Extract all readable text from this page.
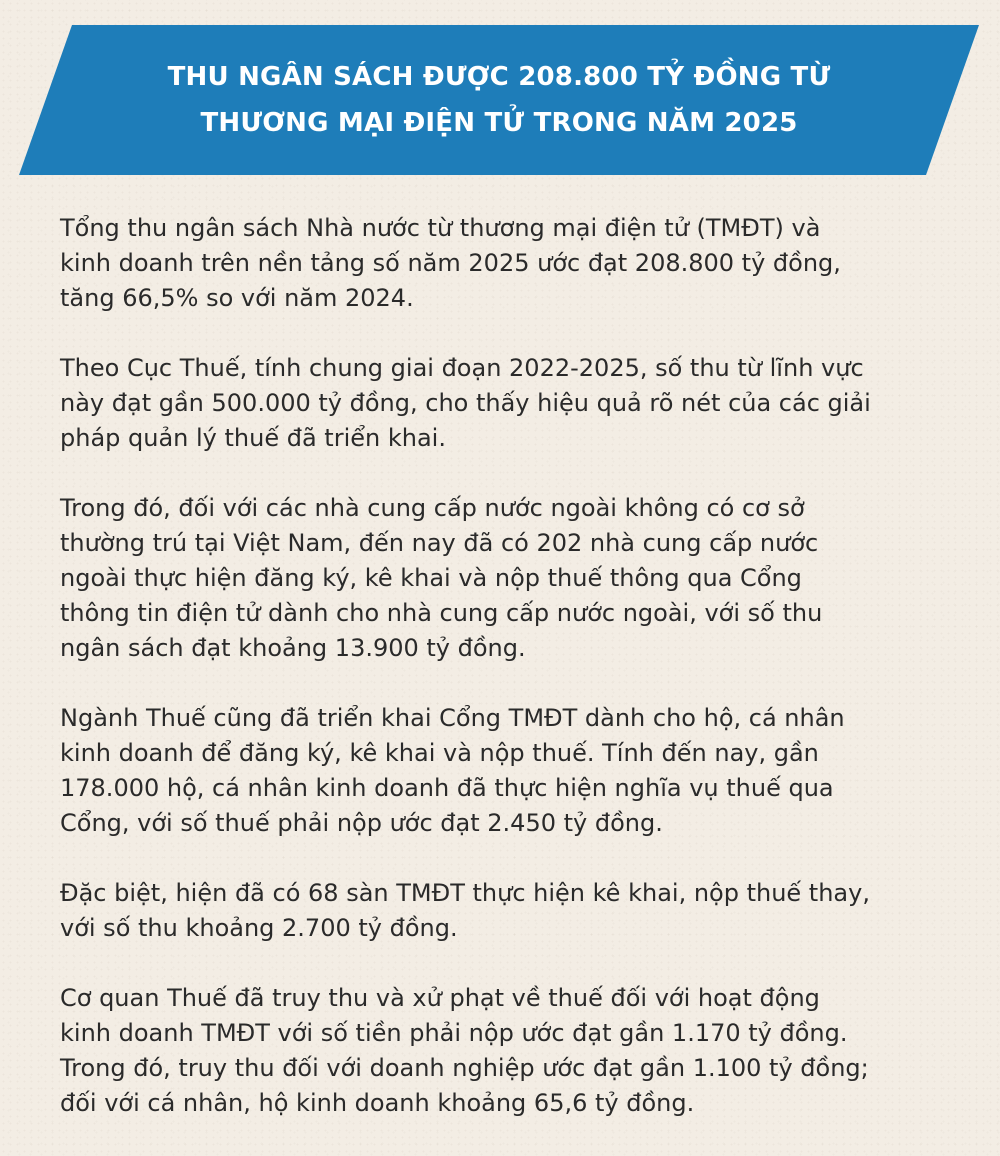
THU NGÂN SÁCH ĐƯỢC 208.800 TỶ ĐỒNG TỪ
THƯƠNG MẠI ĐIỆN TỬ TRONG NĂM 2025

Tổng thu ngân sách Nhà nước từ thương mại điện tử (TMĐT) và
kinh doanh trên nền tảng số năm 2025 ước đạt 208.800 tỷ đồng,
tăng 66,5% so với năm 2024.

Theo Cục Thuế, tính chung giai đoạn 2022-2025, số thu từ lĩnh vực
này đạt gần 500.000 tỷ đồng, cho thấy hiệu quả rõ nét của các giải
pháp quản lý thuế đã triển khai.

Trong đó, đối với các nhà cung cấp nước ngoài không có cơ sở
thường trú tại Việt Nam, đến nay đã có 202 nhà cung cấp nước
ngoài thực hiện đăng ký, kê khai và nộp thuế thông qua Cổng
thông tin điện tử dành cho nhà cung cấp nước ngoài, với số thu
ngân sách đạt khoảng 13.900 tỷ đồng.

Ngành Thuế cũng đã triển khai Cổng TMĐT dành cho hộ, cá nhân
kinh doanh để đăng ký, kê khai và nộp thuế. Tính đến nay, gần
178.000 hộ, cá nhân kinh doanh đã thực hiện nghĩa vụ thuế qua
Cổng, với số thuế phải nộp ước đạt 2.450 tỷ đồng.

Đặc biệt, hiện đã có 68 sàn TMĐT thực hiện kê khai, nộp thuế thay,
với số thu khoảng 2.700 tỷ đồng.

Cơ quan Thuế đã truy thu và xử phạt về thuế đối với hoạt động
kinh doanh TMĐT với số tiền phải nộp ước đạt gần 1.170 tỷ đồng.
Trong đó, truy thu đối với doanh nghiệp ước đạt gần 1.100 tỷ đồng;
đối với cá nhân, hộ kinh doanh khoảng 65,6 tỷ đồng.
